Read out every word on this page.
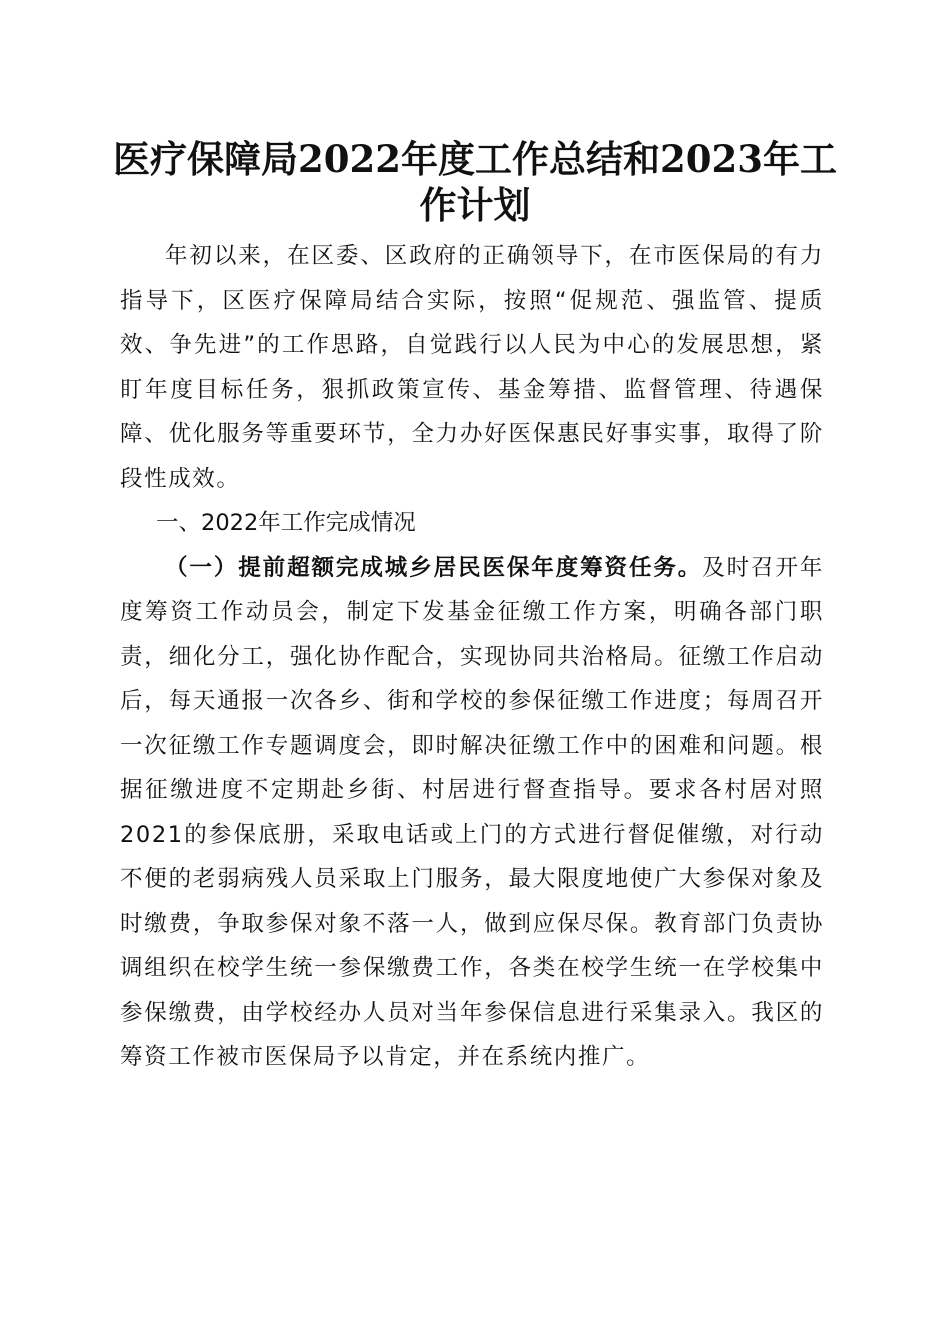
医疗保障局2022年度工作总结和2023年工作计划

年初以来，在区委、区政府的正确领导下，在市医保局的有力指导下，区医疗保障局结合实际，按照“促规范、强监管、提质效、争先进”的工作思路，自觉践行以人民为中心的发展思想，紧盯年度目标任务，狠抓政策宣传、基金筹措、监督管理、待遇保障、优化服务等重要环节，全力办好医保惠民好事实事，取得了阶段性成效。

一、2022年工作完成情况

（一）提前超额完成城乡居民医保年度筹资任务。及时召开年度筹资工作动员会，制定下发基金征缴工作方案，明确各部门职责，细化分工，强化协作配合，实现协同共治格局。征缴工作启动后，每天通报一次各乡、街和学校的参保征缴工作进度；每周召开一次征缴工作专题调度会，即时解决征缴工作中的困难和问题。根据征缴进度不定期赴乡街、村居进行督查指导。要求各村居对照2021的参保底册，采取电话或上门的方式进行督促催缴，对行动不便的老弱病残人员采取上门服务，最大限度地使广大参保对象及时缴费，争取参保对象不落一人，做到应保尽保。教育部门负责协调组织在校学生统一参保缴费工作，各类在校学生统一在学校集中参保缴费，由学校经办人员对当年参保信息进行采集录入。我区的筹资工作被市医保局予以肯定，并在系统内推广。
